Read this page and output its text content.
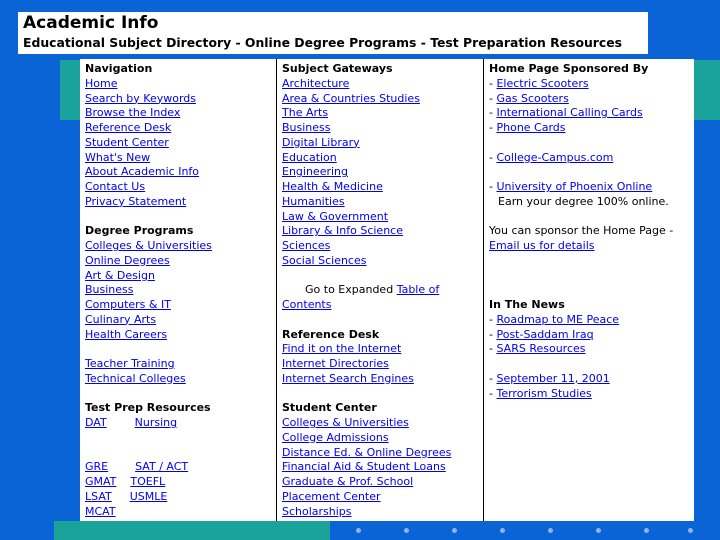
Academic Info
Educational Subject Directory - Online Degree Programs - Test Preparation Resources
Navigation
Home
Search by Keywords
Browse the Index
Reference Desk
Student Center
What's New
About Academic Info
Contact Us
Privacy Statement
Degree Programs
Colleges & Universities
Online Degrees
Art & Design
Business
Computers & IT
Culinary Arts
Health Careers
Teacher Training
Technical Colleges
Test Prep Resources
DAT	Nursing
GRE SAT / ACT
GMAT TOEFL
LSAT USMLE
MCAT
Subject Gateways
Architecture
Area & Countries Studies
The Arts
Business
Digital Library
Education
Engineering
Health & Medicine
Humanities
Law & Government
Library & Info Science
Sciences
Social Sciences
Go to Expanded Table of
Contents
Reference Desk
Find it on the Internet
Internet Directories
Internet Search Engines
Student Center
Colleges & Universities
College Admissions
Distance Ed. & Online Degrees
Financial Aid & Student Loans
Graduate & Prof. School
Placement Center
Scholarships
Home Page Sponsored By
- Electric Scooters
- Gas Scooters
- International Calling Cards
- Phone Cards
- College-Campus.com
- University of Phoenix Online
Earn your degree 100% online.
You can sponsor the Home Page -
Email us for details
In The News
- Roadmap to ME Peace
- Post-Saddam Iraq
- SARS Resources
- September 11, 2001
- Terrorism Studies
